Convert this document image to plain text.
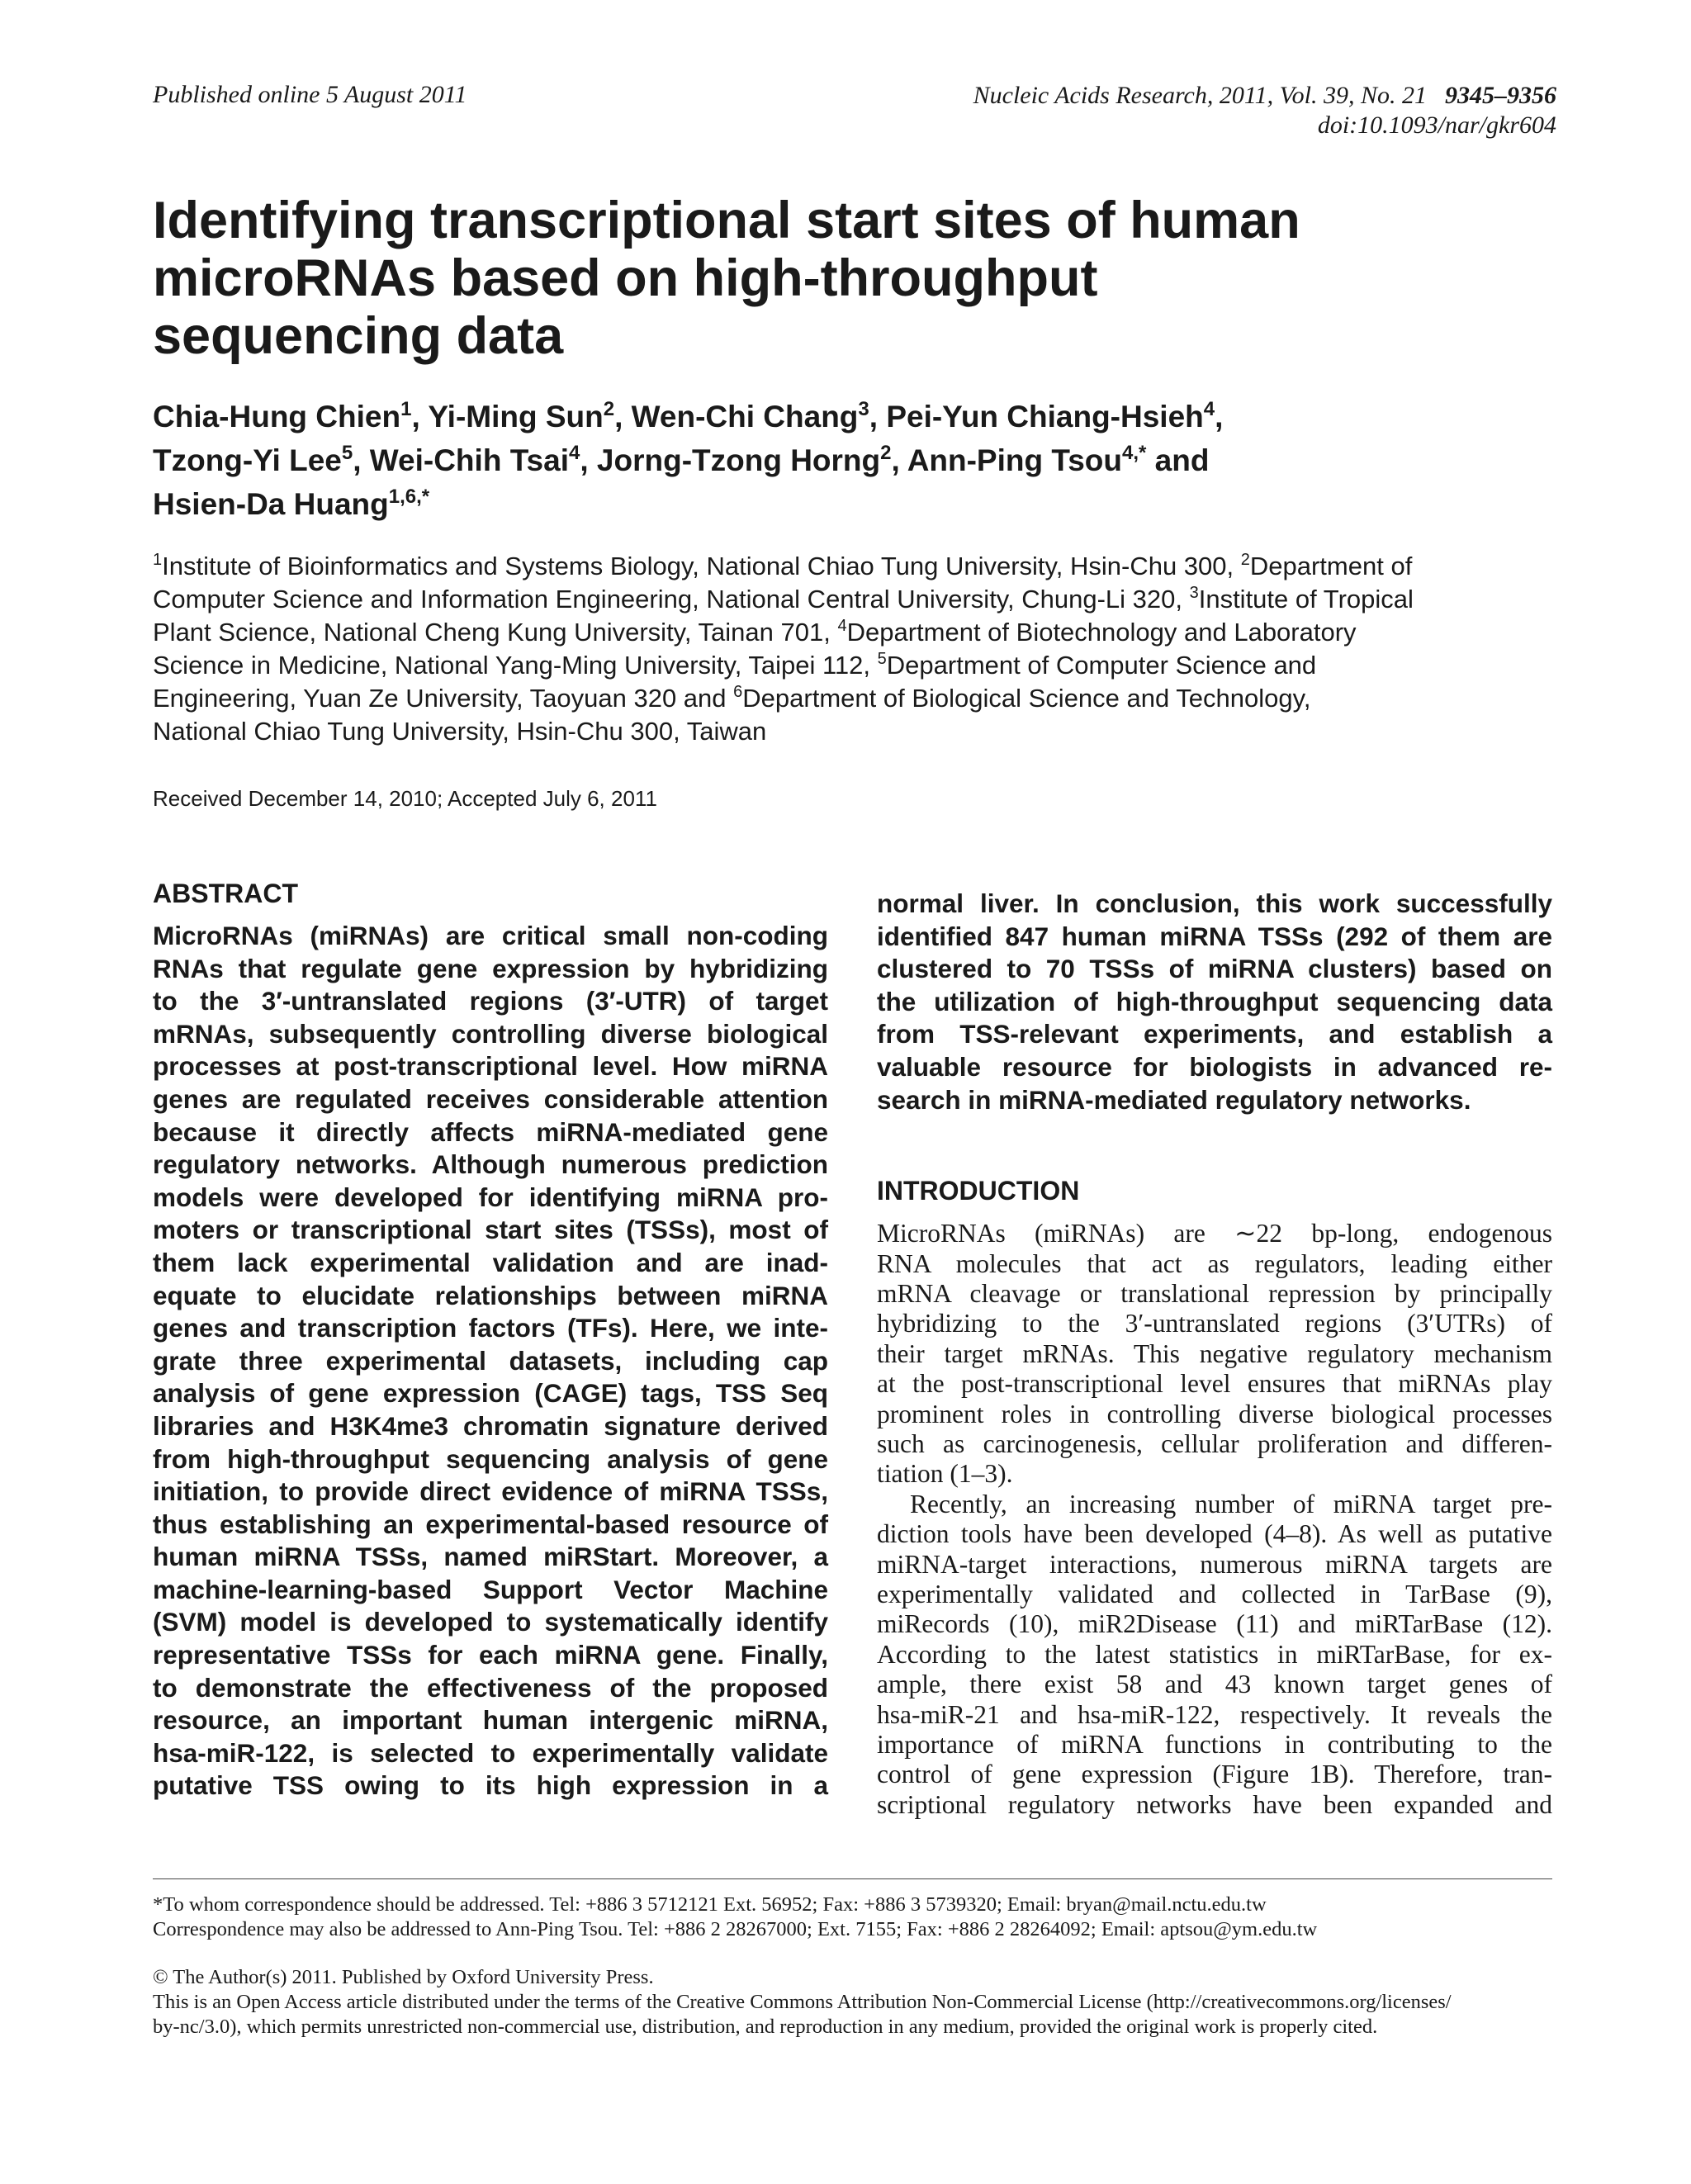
Published online 5 August 2011	Nucleic Acids Research, 2011, Vol. 39, No. 21 9345–9356
doi:10.1093/nar/gkr604
Identifying transcriptional start sites of human
microRNAs based on high-throughput
sequencing data
Chia-Hung Chien$^1$, Yi-Ming Sun$^2$, Wen-Chi Chang$^3$, Pei-Yun Chiang-Hsieh$^4$,
Tzong-Yi Lee$^5$, Wei-Chih Tsai$^4$, Jorng-Tzong Horng$^2$, Ann-Ping Tsou$^{4,*}$ and
Hsien-Da Huang$^{1,6,*}$
$^1$Institute of Bioinformatics and Systems Biology, National Chiao Tung University, Hsin-Chu 300, $^2$Department of
Computer Science and Information Engineering, National Central University, Chung-Li 320, $^3$Institute of Tropical
Plant Science, National Cheng Kung University, Tainan 701, $^4$Department of Biotechnology and Laboratory
Science in Medicine, National Yang-Ming University, Taipei 112, $^5$Department of Computer Science and
Engineering, Yuan Ze University, Taoyuan 320 and $^6$Department of Biological Science and Technology,
National Chiao Tung University, Hsin-Chu 300, Taiwan
Received December 14, 2010; Accepted July 6, 2011
ABSTRACT
MicroRNAs (miRNAs) are critical small non-coding
RNAs that regulate gene expression by hybridizing
to the 3′-untranslated regions (3′-UTR) of target
mRNAs, subsequently controlling diverse biological
processes at post-transcriptional level. How miRNA
genes are regulated receives considerable attention
because it directly affects miRNA-mediated gene
regulatory networks. Although numerous prediction
models were developed for identifying miRNA pro-
moters or transcriptional start sites (TSSs), most of
them lack experimental validation and are inad-
equate to elucidate relationships between miRNA
genes and transcription factors (TFs). Here, we inte-
grate three experimental datasets, including cap
analysis of gene expression (CAGE) tags, TSS Seq
libraries and H3K4me3 chromatin signature derived
from high-throughput sequencing analysis of gene
initiation, to provide direct evidence of miRNA TSSs,
thus establishing an experimental-based resource of
human miRNA TSSs, named miRStart. Moreover, a
machine-learning-based Support Vector Machine
(SVM) model is developed to systematically identify
representative TSSs for each miRNA gene. Finally,
to demonstrate the effectiveness of the proposed
resource, an important human intergenic miRNA,
hsa-miR-122, is selected to experimentally validate
putative TSS owing to its high expression in a
normal liver. In conclusion, this work successfully
identified 847 human miRNA TSSs (292 of them are
clustered to 70 TSSs of miRNA clusters) based on
the utilization of high-throughput sequencing data
from TSS-relevant experiments, and establish a
valuable resource for biologists in advanced re-
search in miRNA-mediated regulatory networks.
INTRODUCTION
MicroRNAs (miRNAs) are ∼22 bp-long, endogenous
RNA molecules that act as regulators, leading either
mRNA cleavage or translational repression by principally
hybridizing to the 3′-untranslated regions (3′UTRs) of
their target mRNAs. This negative regulatory mechanism
at the post-transcriptional level ensures that miRNAs play
prominent roles in controlling diverse biological processes
such as carcinogenesis, cellular proliferation and differen-
tiation (1–3).
Recently, an increasing number of miRNA target pre-
diction tools have been developed (4–8). As well as putative
miRNA-target interactions, numerous miRNA targets are
experimentally validated and collected in TarBase (9),
miRecords (10), miR2Disease (11) and miRTarBase (12).
According to the latest statistics in miRTarBase, for ex-
ample, there exist 58 and 43 known target genes of
hsa-miR-21 and hsa-miR-122, respectively. It reveals the
importance of miRNA functions in contributing to the
control of gene expression (Figure 1B). Therefore, tran-
scriptional regulatory networks have been expanded and
*To whom correspondence should be addressed. Tel: +886 3 5712121 Ext. 56952; Fax: +886 3 5739320; Email: bryan@mail.nctu.edu.tw
Correspondence may also be addressed to Ann-Ping Tsou. Tel: +886 2 28267000; Ext. 7155; Fax: +886 2 28264092; Email: aptsou@ym.edu.tw
© The Author(s) 2011. Published by Oxford University Press.
This is an Open Access article distributed under the terms of the Creative Commons Attribution Non-Commercial License (http://creativecommons.org/licenses/
by-nc/3.0), which permits unrestricted non-commercial use, distribution, and reproduction in any medium, provided the original work is properly cited.
